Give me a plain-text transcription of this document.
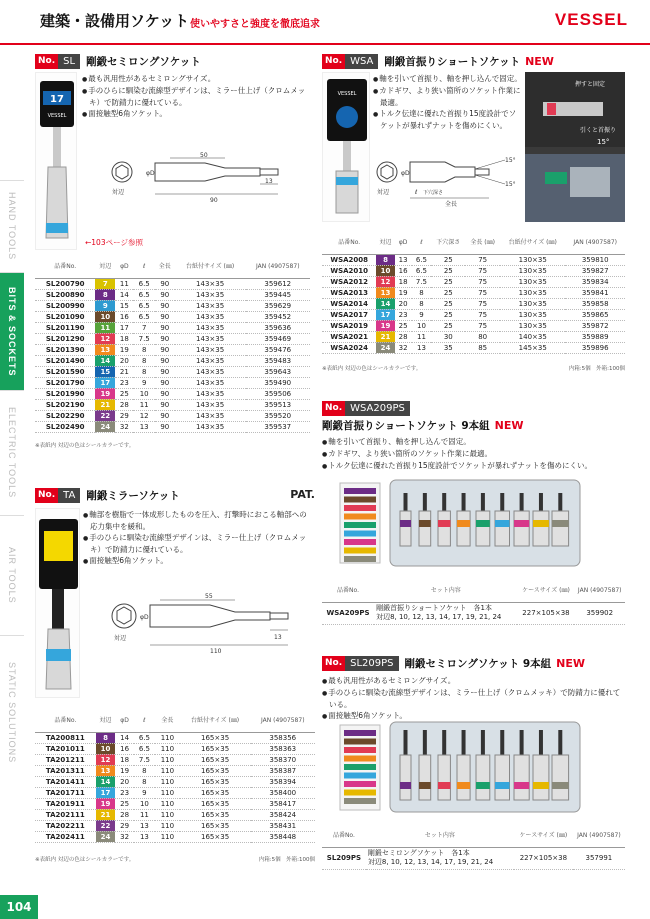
建築・設備用ソケット 使いやすさと強度を徹底追求	VESSEL
HAND TOOLS
BITS & SOCKETS
ELECTRIC TOOLS
AIR TOOLS
STATIC SOLUTIONS
No. SL	剛鍛セミロングソケット
17
VESSEL
● 最も汎用性があるセミロングサイズ。
● 手のひらに馴染む流線型デザインは、ミラー仕上げ（クロムメッキ）で防錆力に優れている。
● 面接触型6角ソケット。
50
13
90
φD
対辺
←103ページ参照
品番No.	対辺	φD	ℓ	全長	台紙付サイズ (㎜)	JAN (4907587)
SL200790	7	11	6.5	90	143×35	359612
SL200890	8	14	6.5	90	143×35	359445
SL200990	9	15	6.5	90	143×35	359629
SL201090	10	16	6.5	90	143×35	359452
SL201190	11	17	7	90	143×35	359636
SL201290	12	18	7.5	90	143×35	359469
SL201390	13	19	8	90	143×35	359476
SL201490	14	20	8	90	143×35	359483
SL201590	15	21	8	90	143×35	359643
SL201790	17	23	9	90	143×35	359490
SL201990	19	25	10	90	143×35	359506
SL202190	21	28	11	90	143×35	359513
SL202290	22	29	12	90	143×35	359520
SL202490	24	32	13	90	143×35	359537
※表紙内 対辺の色はシールカラーです。
No. TA	剛鍛ミラーソケット	PAT.
● 軸部を樹脂で一体成形したものを圧入、打撃時におこる軸部への応力集中を緩和。
● 手のひらに馴染む流線型デザインは、ミラー仕上げ（クロムメッキ）で防錆力に優れている。
● 面接触型6角ソケット。
55
13
110
φD
対辺
品番No.	対辺	φD	ℓ	全長	台紙付サイズ (㎜)	JAN (4907587)
TA200811	8	14	6.5	110	165×35	358356
TA201011	10	16	6.5	110	165×35	358363
TA201211	12	18	7.5	110	165×35	358370
TA201311	13	19	8	110	165×35	358387
TA201411	14	20	8	110	165×35	358394
TA201711	17	23	9	110	165×35	358400
TA201911	19	25	10	110	165×35	358417
TA202111	21	28	11	110	165×35	358424
TA202211	22	29	13	110	165×35	358431
TA202411	24	32	13	110	165×35	358448
※表紙内 対辺の色はシールカラーです。	内箱:5個　外箱:100個
No. WSA	剛鍛首振りショートソケット NEW
VESSEL
● 軸を引いて首振り、軸を押し込んで固定。
● カドギワ、より狭い箇所のソケット作業に最適。
● トルク伝達に優れた首振り15度設計でソケットが暴れずナットを傷めにくい。
押すと固定
引くと首振り
15°
15°
15°
全長
φD
対辺	ℓ 下穴深さ
品番No.	対辺	φD	ℓ	下穴深さ	全長 (㎜)	台紙付サイズ (㎜)	JAN (4907587)
WSA2008	8	13	6.5	25	75	130×35	359810
WSA2010	10	16	6.5	25	75	130×35	359827
WSA2012	12	18	7.5	25	75	130×35	359834
WSA2013	13	19	8	25	75	130×35	359841
WSA2014	14	20	8	25	75	130×35	359858
WSA2017	17	23	9	25	75	130×35	359865
WSA2019	19	25	10	25	75	130×35	359872
WSA2021	21	28	11	30	80	140×35	359889
WSA2024	24	32	13	35	85	145×35	359896
※表紙内 対辺の色はシールカラーです。	内箱:5個　外箱:100個
No. WSA209PS
剛鍛首振りショートソケット 9本組 NEW
● 軸を引いて首振り、軸を押し込んで固定。
● カドギワ、より狭い箇所のソケット作業に最適。
● トルク伝達に優れた首振り15度設計でソケットが暴れずナットを傷めにくい。
品番No.	セット内容	ケースサイズ (㎜)	JAN (4907587)
WSA209PS	剛鍛首振りショートソケット　各1本
対辺8, 10, 12, 13, 14, 17, 19, 21, 24	227×105×38	359902
No. SL209PS	剛鍛セミロングソケット 9本組 NEW
● 最も汎用性があるセミロングサイズ。
● 手のひらに馴染む流線型デザインは、ミラー仕上げ（クロムメッキ）で防錆力に優れている。
● 面接触型6角ソケット。
品番No.	セット内容	ケースサイズ (㎜)	JAN (4907587)
SL209PS	剛鍛セミロングソケット　各1本
対辺8, 10, 12, 13, 14, 17, 19, 21, 24	227×105×38	357991
104
